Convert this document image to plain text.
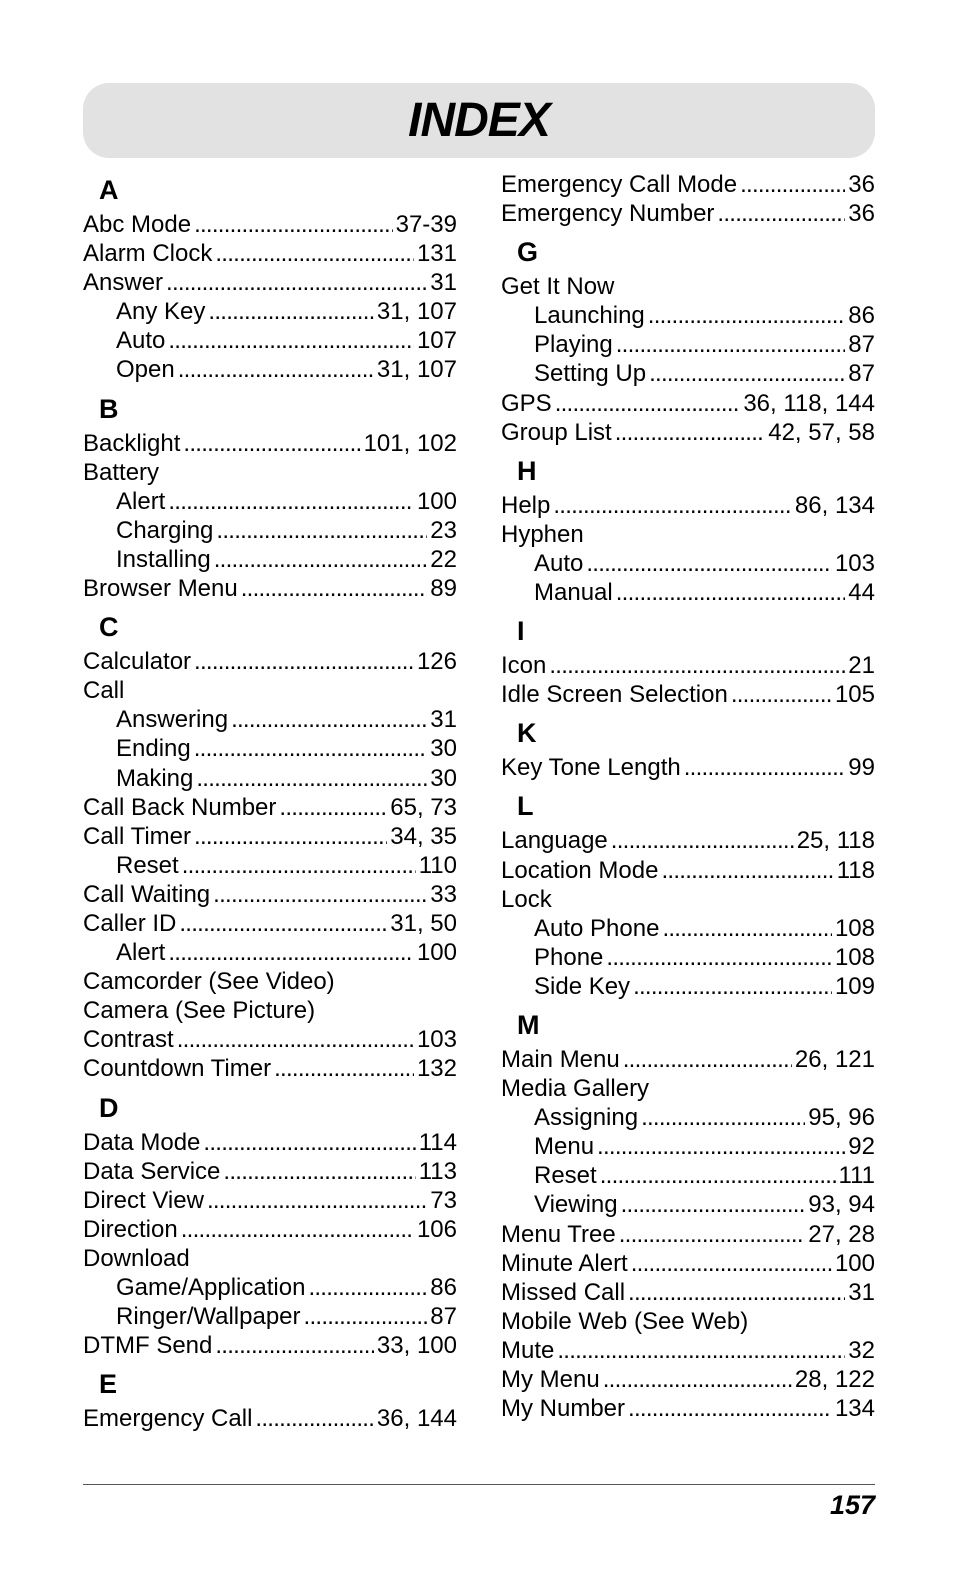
INDEX
A
Abc Mode . . .	37-39
Alarm Clock . . .	131
Answer . . .	31
Any Key . . .	31, 107
Auto . . .	107
Open . . .	31, 107
B
Backlight . . .	101, 102
Battery
Alert . . .	100
Charging . . .	23
Installing . . .	22
Browser Menu . . .	89
C
Calculator . . .	126
Call
Answering . . .	31
Ending . . .	30
Making . . .	30
Call Back Number . . .	65, 73
Call Timer . . .	34, 35
Reset . . .	110
Call Waiting . . .	33
Caller ID . . .	31, 50
Alert . . .	100
Camcorder (See Video)
Camera (See Picture)
Contrast . . .	103
Countdown Timer . . .	132
D
Data Mode . . .	114
Data Service . . .	113
Direct View . . .	73
Direction . . .	106
Download
Game/Application . . .	86
Ringer/Wallpaper . . .	87
DTMF Send . . .	33, 100
E
Emergency Call . . .	36, 144
Emergency Call Mode . . .	36
Emergency Number . . .	36
G
Get It Now
Launching . . .	86
Playing . . .	87
Setting Up . . .	87
GPS . . .	36, 118, 144
Group List . . .	42, 57, 58
H
Help . . .	86, 134
Hyphen
Auto . . .	103
Manual . . .	44
I
Icon . . .	21
Idle Screen Selection . . .	105
K
Key Tone Length . . .	99
L
Language . . .	25, 118
Location Mode . . .	118
Lock
Auto Phone . . .	108
Phone . . .	108
Side Key . . .	109
M
Main Menu . . .	26, 121
Media Gallery
Assigning . . .	95, 96
Menu . . .	92
Reset . . .	111
Viewing . . .	93, 94
Menu Tree . . .	27, 28
Minute Alert . . .	100
Missed Call . . .	31
Mobile Web (See Web)
Mute . . .	32
My Menu . . .	28, 122
My Number . . .	134
157
